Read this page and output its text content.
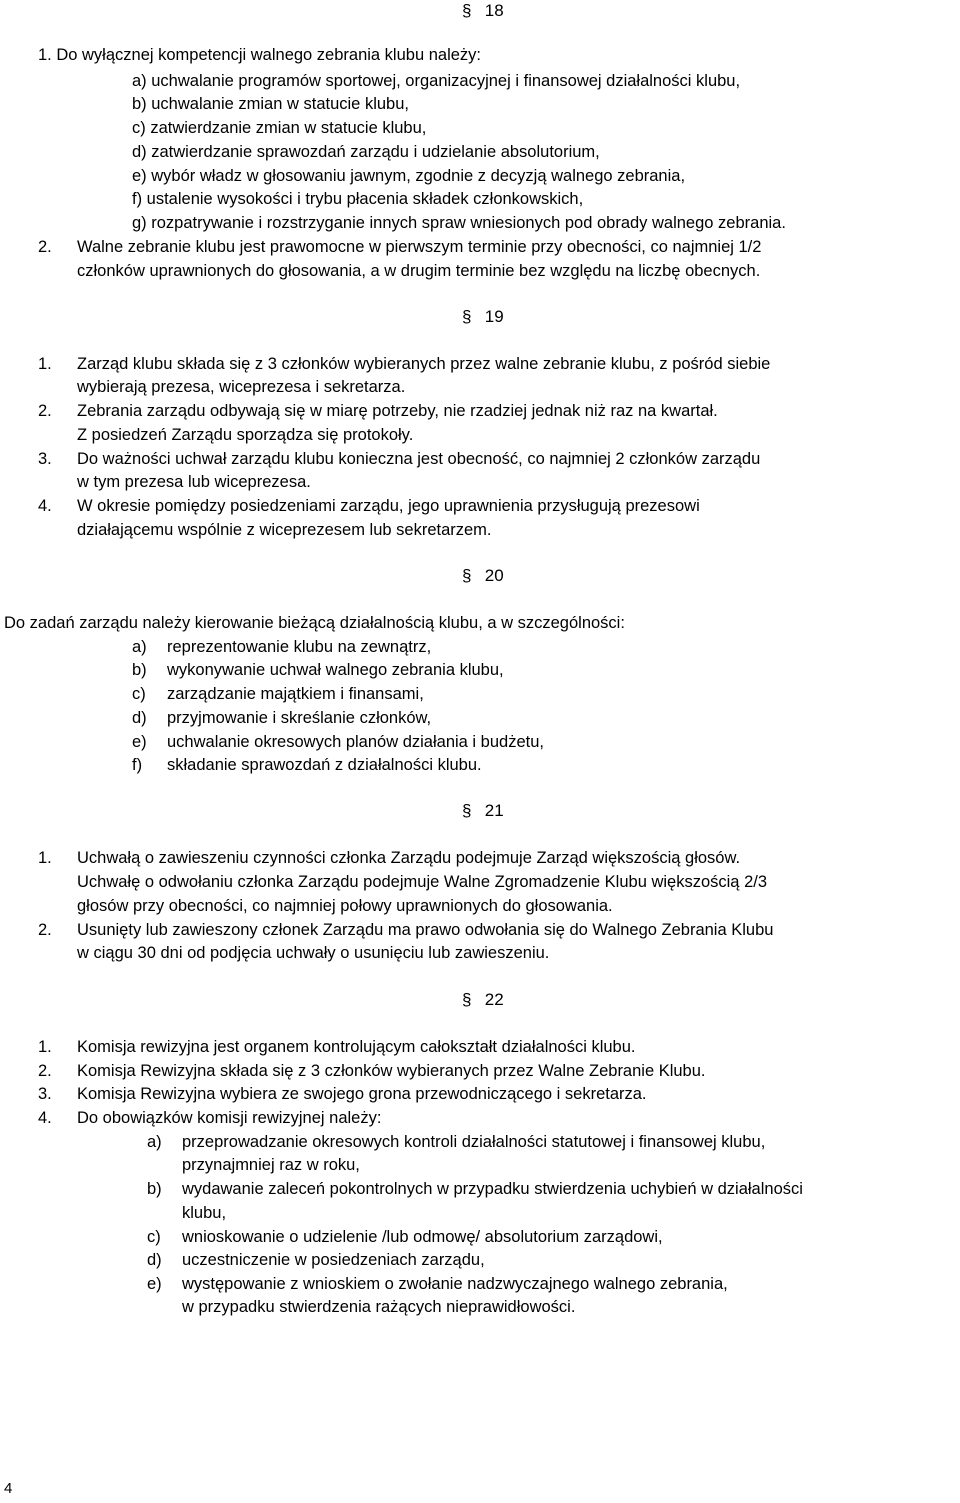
§ 18
§ 19
§ 20
§ 21
§ 22
1. Do wyłącznej kompetencji walnego zebrania klubu należy:
a) uchwalanie programów sportowej, organizacyjnej i finansowej działalności klubu,
b) uchwalanie zmian w statucie klubu,
c) zatwierdzanie zmian w statucie klubu,
d) zatwierdzanie sprawozdań zarządu i udzielanie absolutorium,
e) wybór władz w głosowaniu jawnym, zgodnie z decyzją walnego zebrania,
f) ustalenie wysokości i trybu płacenia składek członkowskich,
g) rozpatrywanie i rozstrzyganie innych spraw wniesionych pod obrady walnego zebrania.
2. Walne zebranie klubu jest prawomocne w pierwszym terminie przy obecności, co najmniej 1/2
członków uprawnionych do głosowania, a w drugim terminie bez względu na liczbę obecnych.
1. Zarząd klubu składa się z 3 członków wybieranych przez walne zebranie klubu, z pośród siebie
wybierają prezesa, wiceprezesa i sekretarza.
2. Zebrania zarządu odbywają się w miarę potrzeby, nie rzadziej jednak niż raz na kwartał.
Z posiedzeń Zarządu sporządza się protokoły.
3. Do ważności uchwał zarządu klubu konieczna jest obecność, co najmniej 2 członków zarządu
w tym prezesa lub wiceprezesa.
4. W okresie pomiędzy posiedzeniami zarządu, jego uprawnienia przysługują prezesowi
działającemu wspólnie z wiceprezesem lub sekretarzem.
Do zadań zarządu należy kierowanie bieżącą działalnością klubu, a w szczególności:
a) reprezentowanie klubu na zewnątrz,
b) wykonywanie uchwał walnego zebrania klubu,
c) zarządzanie majątkiem i finansami,
d) przyjmowanie i skreślanie członków,
e) uchwalanie okresowych planów działania i budżetu,
f) składanie sprawozdań z działalności klubu.
1. Uchwałą o zawieszeniu czynności członka Zarządu podejmuje Zarząd większością głosów.
Uchwałę o odwołaniu członka Zarządu podejmuje Walne Zgromadzenie Klubu większością 2/3
głosów przy obecności, co najmniej połowy uprawnionych do głosowania.
2. Usunięty lub zawieszony członek Zarządu ma prawo odwołania się do Walnego Zebrania Klubu
w ciągu 30 dni od podjęcia uchwały o usunięciu lub zawieszeniu.
1. Komisja rewizyjna jest organem kontrolującym całokształt działalności klubu.
2. Komisja Rewizyjna składa się z 3 członków wybieranych przez Walne Zebranie Klubu.
3. Komisja Rewizyjna wybiera ze swojego grona przewodniczącego i sekretarza.
4. Do obowiązków komisji rewizyjnej należy:
a) przeprowadzanie okresowych kontroli działalności statutowej i finansowej klubu,
przynajmniej raz w roku,
b) wydawanie zaleceń pokontrolnych w przypadku stwierdzenia uchybień w działalności
klubu,
c) wnioskowanie o udzielenie /lub odmowę/ absolutorium zarządowi,
d) uczestniczenie w posiedzeniach zarządu,
e) występowanie z wnioskiem o zwołanie nadzwyczajnego walnego zebrania,
w przypadku stwierdzenia rażących nieprawidłowości.
4
